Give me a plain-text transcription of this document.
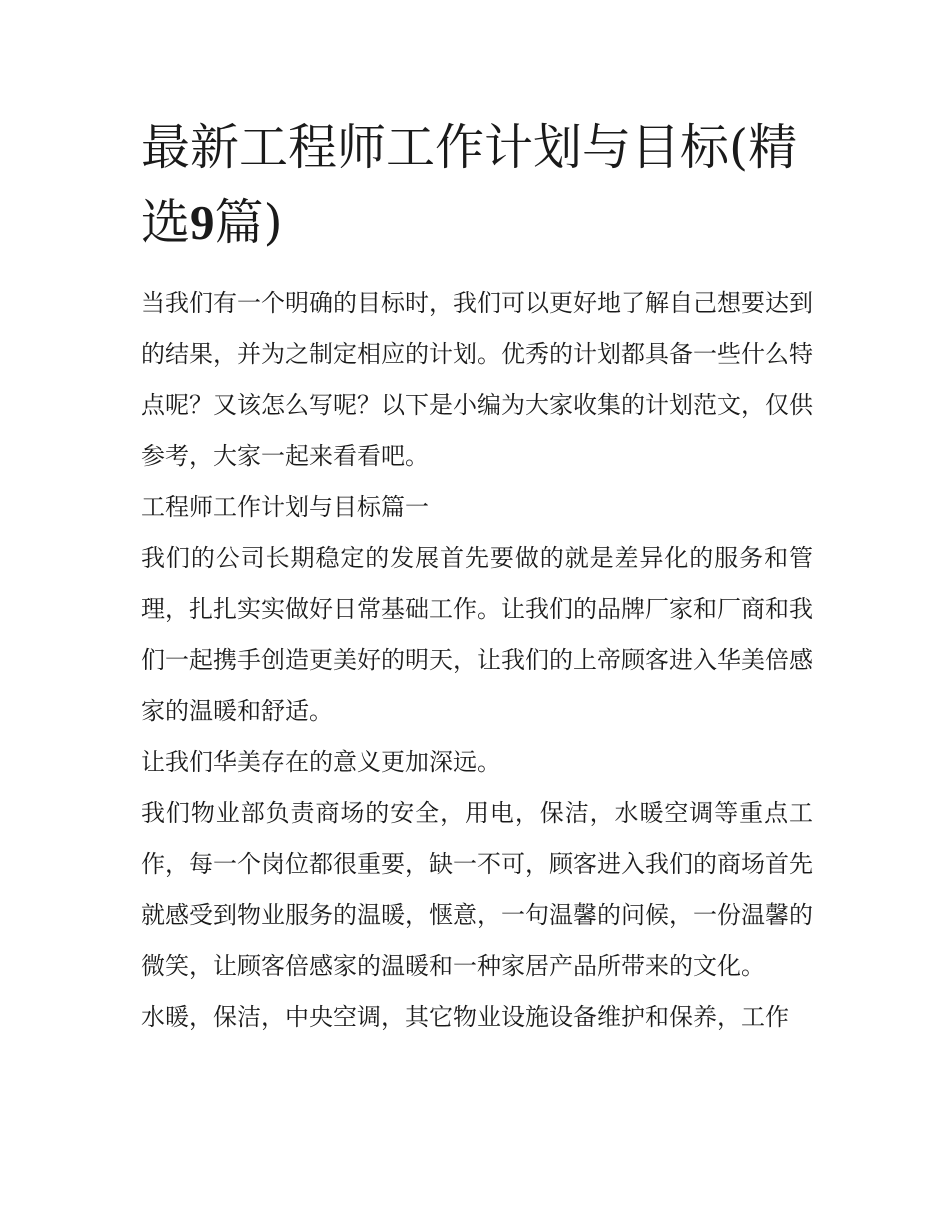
最新工程师工作计划与目标(精
选9篇)

当我们有一个明确的目标时，我们可以更好地了解自己想要达到的结果，并为之制定相应的计划。优秀的计划都具备一些什么特点呢？又该怎么写呢？以下是小编为大家收集的计划范文，仅供参考，大家一起来看看吧。

工程师工作计划与目标篇一

我们的公司长期稳定的发展首先要做的就是差异化的服务和管理，扎扎实实做好日常基础工作。让我们的品牌厂家和厂商和我们一起携手创造更美好的明天，让我们的上帝顾客进入华美倍感家的温暖和舒适。

让我们华美存在的意义更加深远。

我们物业部负责商场的安全，用电，保洁，水暖空调等重点工作，每一个岗位都很重要，缺一不可，顾客进入我们的商场首先就感受到物业服务的温暖，惬意，一句温馨的问候，一份温馨的微笑，让顾客倍感家的温暖和一种家居产品所带来的文化。

水暖，保洁，中央空调，其它物业设施设备维护和保养，工作
